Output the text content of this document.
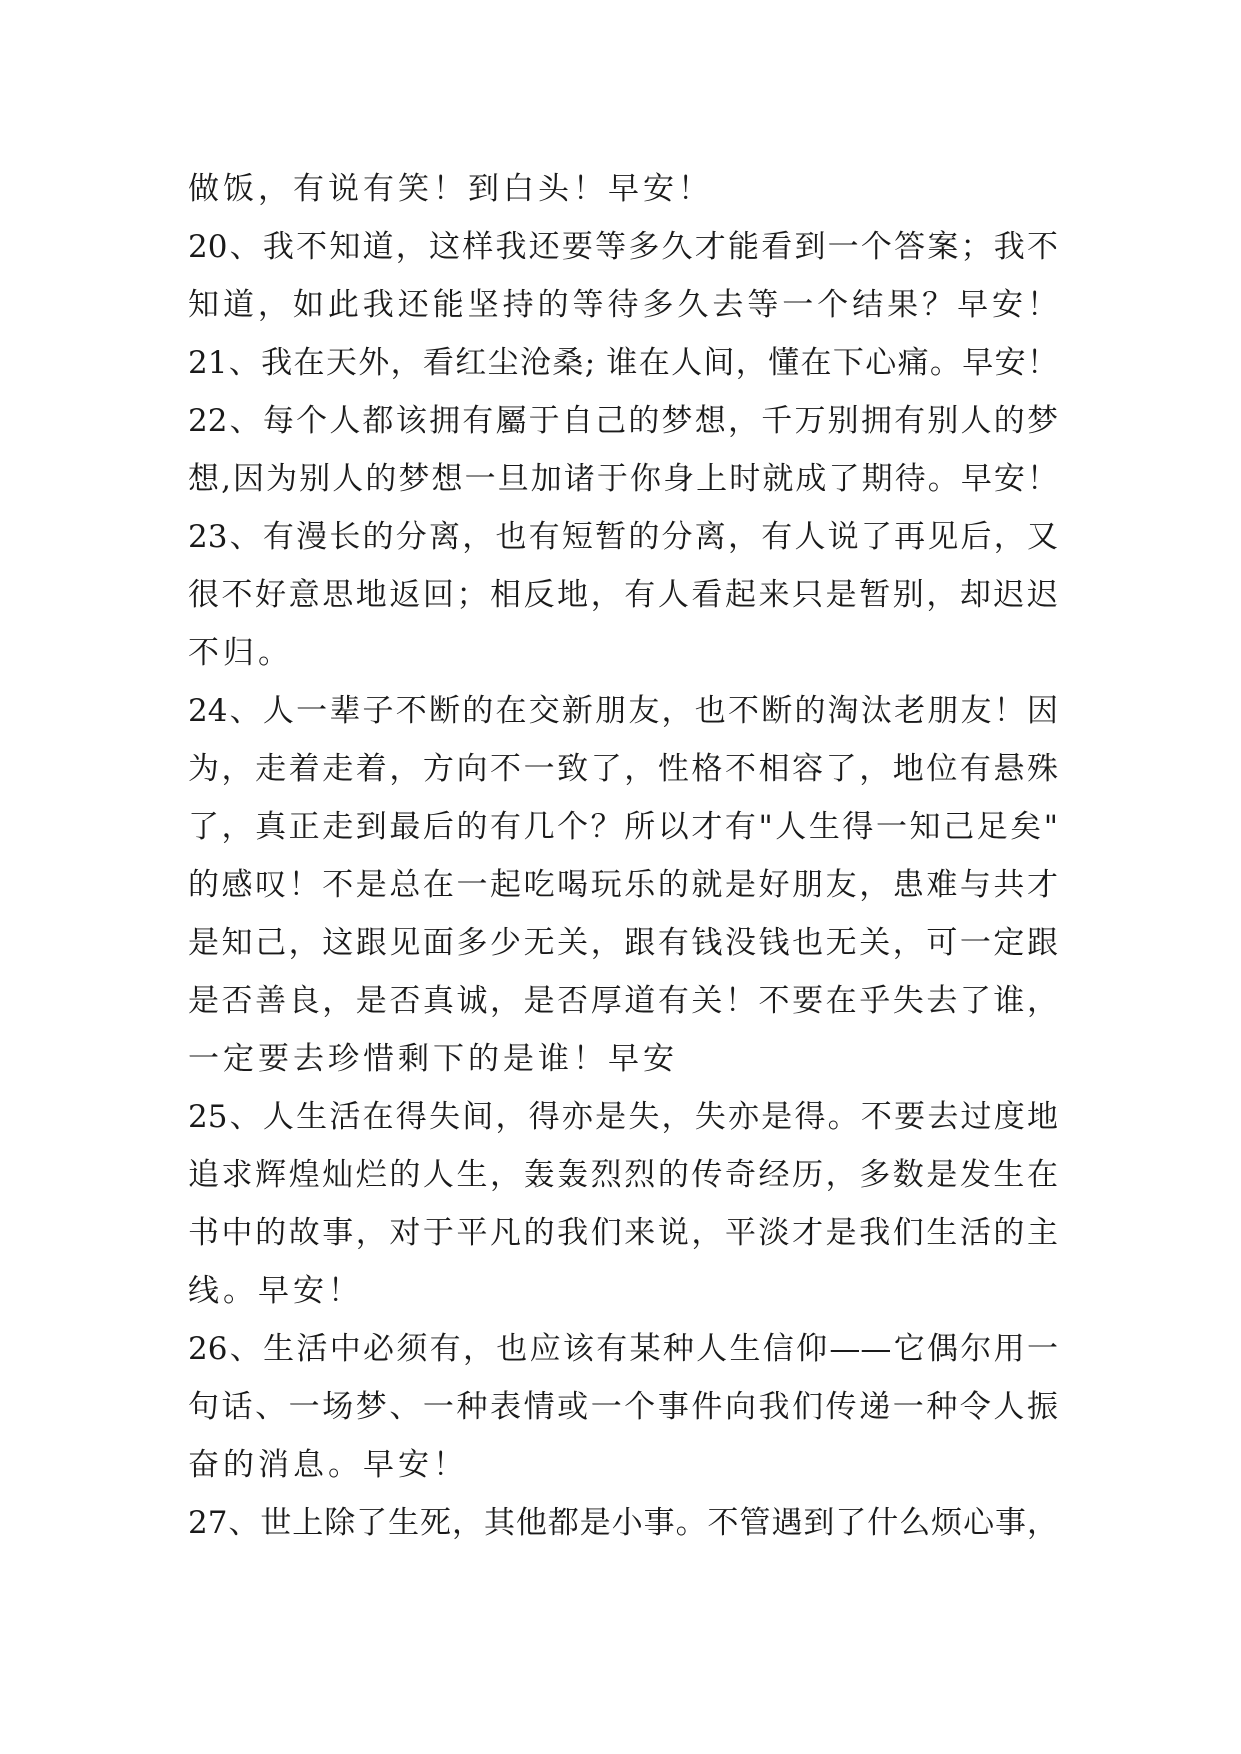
做饭，有说有笑！到白头！早安！
20、我不知道，这样我还要等多久才能看到一个答案；我不
知道，如此我还能坚持的等待多久去等一个结果？早安！
21、我在天外，看红尘沧桑; 谁在人间，懂在下心痛。早安！
22、每个人都该拥有屬于自己的梦想，千万别拥有别人的梦
想,因为别人的梦想一旦加诸于你身上时就成了期待。早安！
23、有漫长的分离，也有短暂的分离，有人说了再见后，又
很不好意思地返回；相反地，有人看起来只是暂别，却迟迟
不归。
24、人一辈子不断的在交新朋友，也不断的淘汰老朋友！因
为，走着走着，方向不一致了，性格不相容了，地位有悬殊
了，真正走到最后的有几个？所以才有"人生得一知己足矣"
的感叹！不是总在一起吃喝玩乐的就是好朋友，患难与共才
是知己，这跟见面多少无关，跟有钱没钱也无关，可一定跟
是否善良，是否真诚，是否厚道有关！不要在乎失去了谁，
一定要去珍惜剩下的是谁！早安
25、人生活在得失间，得亦是失，失亦是得。不要去过度地
追求辉煌灿烂的人生，轰轰烈烈的传奇经历，多数是发生在
书中的故事，对于平凡的我们来说，平淡才是我们生活的主
线。早安！
26、生活中必须有，也应该有某种人生信仰——它偶尔用一
句话、一场梦、一种表情或一个事件向我们传递一种令人振
奋的消息。早安！
27、世上除了生死，其他都是小事。不管遇到了什么烦心事，
